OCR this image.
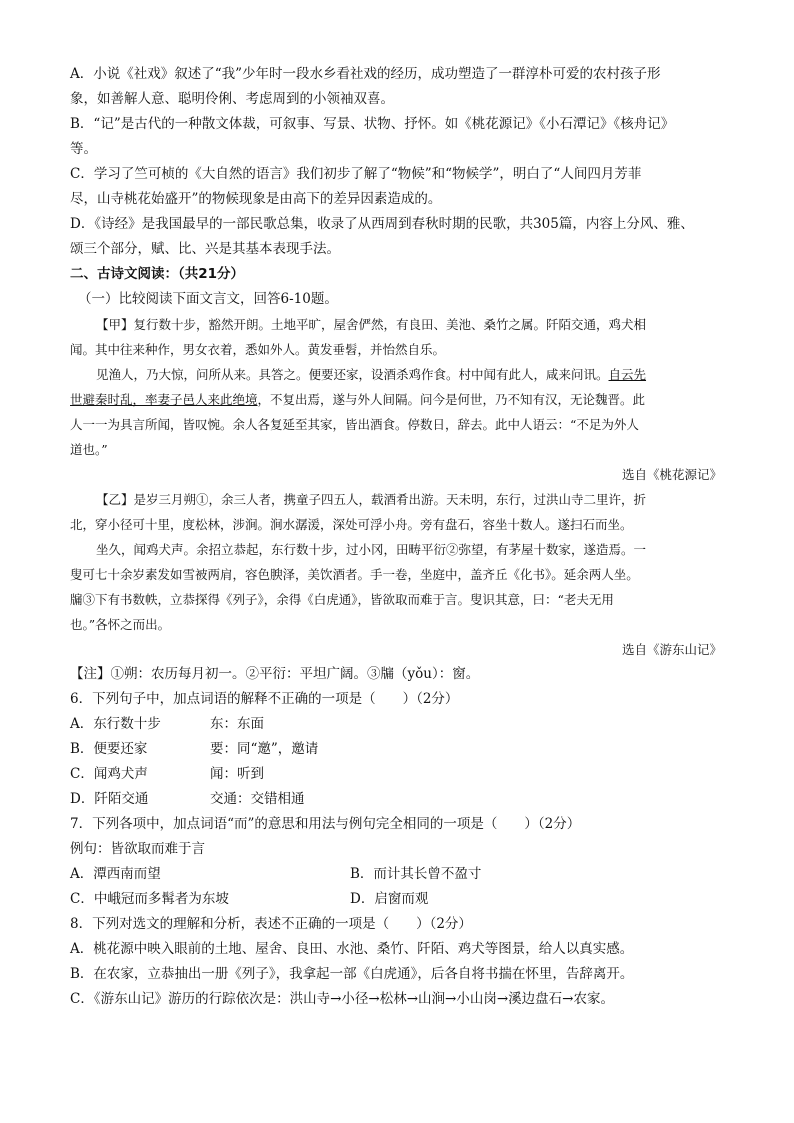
A．小说《社戏》叙述了“我”少年时一段水乡看社戏的经历，成功塑造了一群淳朴可爱的农村孩子形
象，如善解人意、聪明伶俐、考虑周到的小领袖双喜。
B．“记”是古代的一种散文体裁，可叙事、写景、状物、抒怀。如《桃花源记》《小石潭记》《核舟记》
等。
C．学习了竺可桢的《大自然的语言》我们初步了解了“物候”和“物候学”，明白了“人间四月芳菲
尽，山寺桃花始盛开”的物候现象是由高下的差异因素造成的。
D．《诗经》是我国最早的一部民歌总集，收录了从西周到春秋时期的民歌，共305篇，内容上分风、雅、
颂三个部分，赋、比、兴是其基本表现手法。
二、古诗文阅读：（共21分）
（一）比较阅读下面文言文，回答6-10题。
【甲】复行数十步，豁然开朗。土地平旷，屋舍俨然，有良田、美池、桑竹之属。阡陌交通，鸡犬相
闻。其中往来种作，男女衣着，悉如外人。黄发垂髫，并怡然自乐。
见渔人，乃大惊，问所从来。具答之。便要还家，设酒杀鸡作食。村中闻有此人，咸来问讯。自云先
世避秦时乱，率妻子邑人来此绝境，不复出焉，遂与外人间隔。问今是何世，乃不知有汉，无论魏晋。此
人一一为具言所闻，皆叹惋。余人各复延至其家，皆出酒食。停数日，辞去。此中人语云：“不足为外人
道也。”
选自《桃花源记》
【乙】是岁三月朔①，余三人者，携童子四五人，载酒肴出游。天未明，东行，过洪山寺二里许，折
北，穿小径可十里，度松林，涉涧。涧水潺湲，深处可浮小舟。旁有盘石，容坐十数人。遂扫石而坐。
坐久，闻鸡犬声。余招立恭起，东行数十步，过小冈，田畴平衍②弥望，有茅屋十数家，遂造焉。一
叟可七十余岁素发如雪被两肩，容色腴泽，美饮酒者。手一卷，坐庭中，盖齐丘《化书》。延余两人坐。
牖③下有书数帙，立恭探得《列子》，余得《白虎通》，皆欲取而难于言。叟识其意，曰：“老夫无用
也。”各怀之而出。
选自《游东山记》
【注】①朔：农历每月初一。②平衍：平坦广阔。③牖（yǒu）：窗。
6．下列句子中，加点词语的解释不正确的一项是（　　）（2分）
A．东行数十步	东：东面
B．便要还家	要：同“邀”，邀请
C．闻鸡犬声	闻：听到
D．阡陌交通	交通：交错相通
7．下列各项中，加点词语“而”的意思和用法与例句完全相同的一项是（　　）（2分）
例句：皆欲取而难于言
A．潭西南而望	B．而计其长曾不盈寸
C．中峨冠而多髯者为东坡	D．启窗而观
8．下列对选文的理解和分析，表述不正确的一项是（　　）（2分）
A．桃花源中映入眼前的土地、屋舍、良田、水池、桑竹、阡陌、鸡犬等图景，给人以真实感。
B．在农家，立恭抽出一册《列子》，我拿起一部《白虎通》，后各自将书揣在怀里，告辞离开。
C．《游东山记》游历的行踪依次是：洪山寺→小径→松林→山涧→小山岗→溪边盘石→农家。
